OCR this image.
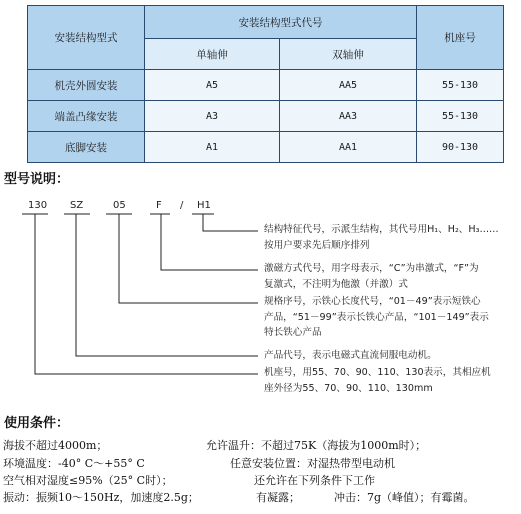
安装结构型式	安装结构型式代号		机座号
	单轴伸	双轴伸	
机壳外圆安装	A5	AA5	55-130
端盖凸缘安装	A3	AA3	55-130
底脚安装	A1	AA1	90-130
型号说明：
130 SZ	05	F / H1
结构特征代号，示派生结构，其代号用H₁、H₂、H₃……
按用户要求先后顺序排列
激磁方式代号，用字母表示，“C”为串激式，“F”为
复激式，不注明为他激（并激）式
规格序号，示铁心长度代号，“01－49”表示短铁心
产品，“51－99”表示长铁心产品，“101－149”表示
特长铁心产品
产品代号，表示电磁式直流伺服电动机。
机座号，用55、70、90、110、130表示，其相应机
座外径为55、70、90、110、130mm
使用条件：
海拔不超过4000m；	允许温升：不超过75K（海拔为1000m时）；
环境温度：-40° C～+55° C	任意安装位置：对湿热带型电动机
空气相对湿度≤95%（25° C时）；	还允许在下列条件下工作
振动：振频10～150Hz，加速度2.5g；	有凝露；	冲击：7g（峰值）；有霉菌。
